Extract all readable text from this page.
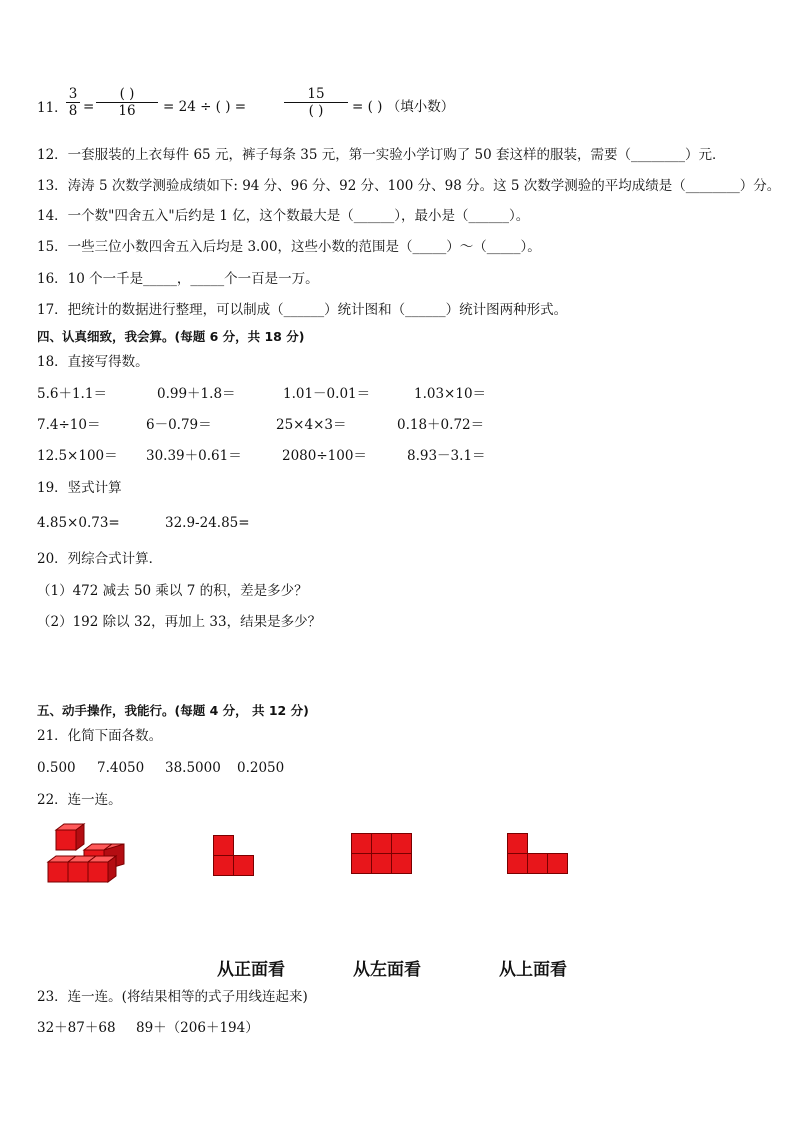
11．
$\frac{3}{8}$ =
( )
16	= 24 ÷ ( ) =
15
( )	= ( ) （填小数）
12．一套服装的上衣每件 65 元，裤子每条 35 元，第一实验小学订购了 50 套这样的服装，需要（________）元．
13．涛涛 5 次数学测验成绩如下: 94 分、96 分、92 分、100 分、98 分。这 5 次数学测验的平均成绩是（________）分。
14．一个数"四舍五入"后约是 1 亿，这个数最大是（______），最小是（______）。
15．一些三位小数四舍五入后均是 3.00，这些小数的范围是（_____）～（_____）。
16．10 个一千是_____，_____个一百是一万。
17．把统计的数据进行整理，可以制成（______）统计图和（______）统计图两种形式。
四、认真细致，我会算。(每题 6 分，共 18 分)
18．直接写得数。
5.6＋1.1＝	0.99＋1.8＝	1.01－0.01＝	1.03×10＝
7.4÷10＝	6－0.79＝	25×4×3＝	0.18＋0.72＝
12.5×100＝ 30.39＋0.61＝	2080÷100＝	8.93－3.1＝
19．竖式计算
4.85×0.73=	32.9-24.85=
20．列综合式计算．
（1）472 减去 50 乘以 7 的积，差是多少？
（2）192 除以 32，再加上 33，结果是多少？
五、动手操作，我能行。(每题 4 分， 共 12 分)
21．化简下面各数。
0.500 7.4050 38.5000 0.2050
22．连一连。
从正面看	从左面看	从上面看
23．连一连。(将结果相等的式子用线连起来)
32＋87＋68 89＋（206＋194）
